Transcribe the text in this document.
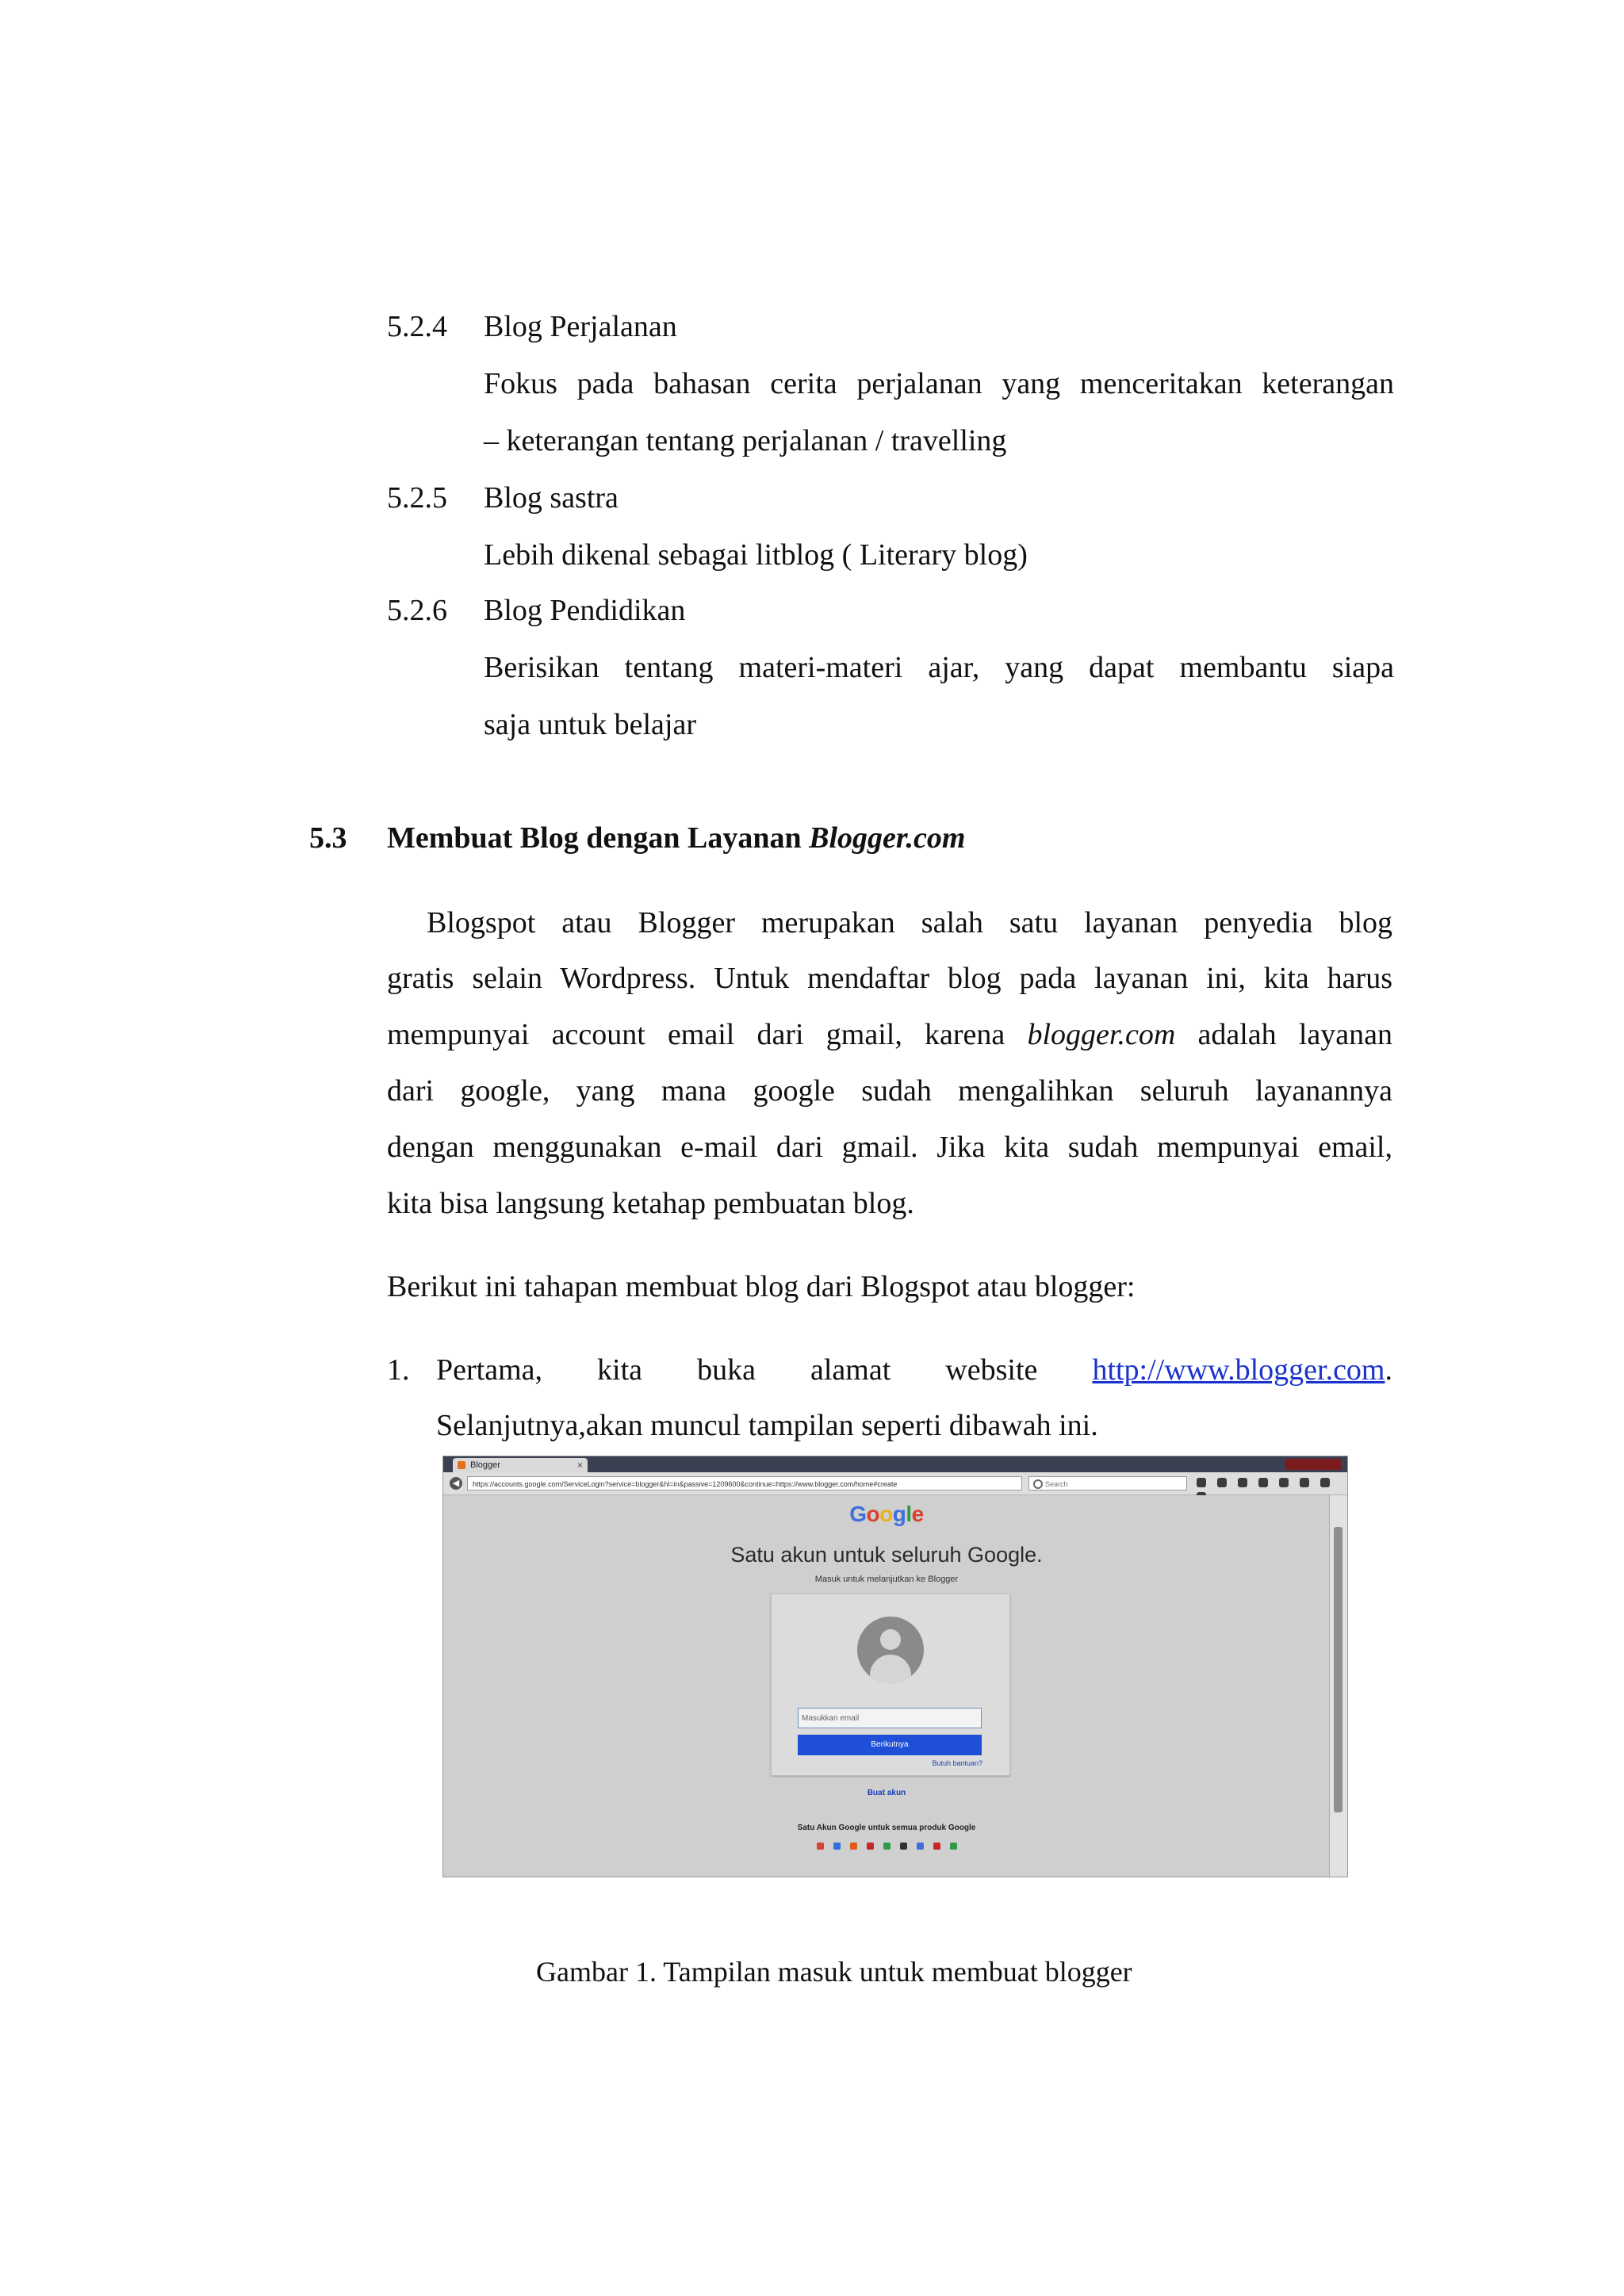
5.2.4 Blog Perjalanan
Fokus pada bahasan cerita perjalanan yang menceritakan keterangan
– keterangan tentang perjalanan / travelling
5.2.5 Blog sastra
Lebih dikenal sebagai litblog ( Literary blog)
5.2.6 Blog Pendidikan
Berisikan tentang materi-materi ajar, yang dapat membantu siapa
saja untuk belajar
5.3 Membuat Blog dengan Layanan Blogger.com
Blogspot atau Blogger merupakan salah satu layanan penyedia blog
gratis selain Wordpress. Untuk mendaftar blog pada layanan ini, kita harus
mempunyai account email dari gmail, karena blogger.com adalah layanan
dari google, yang mana google sudah mengalihkan seluruh layanannya
dengan menggunakan e-mail dari gmail. Jika kita sudah mempunyai email,
kita bisa langsung ketahap pembuatan blog.
Berikut ini tahapan membuat blog dari Blogspot atau blogger:
1. Pertama, kita buka alamat website http://www.blogger.com.
Selanjutnya,akan muncul tampilan seperti dibawah ini.
Blogger	×
◀	https://accounts.google.com/ServiceLogin?service=blogger&hl=in&passive=1209600&continue=https://www.blogger.com/home#create	Search
Google
Satu akun untuk seluruh Google.
Masuk untuk melanjutkan ke Blogger
Masukkan email
Berikutnya
Butuh bantuan?
Buat akun
Satu Akun Google untuk semua produk Google
Gambar 1. Tampilan masuk untuk membuat blogger
